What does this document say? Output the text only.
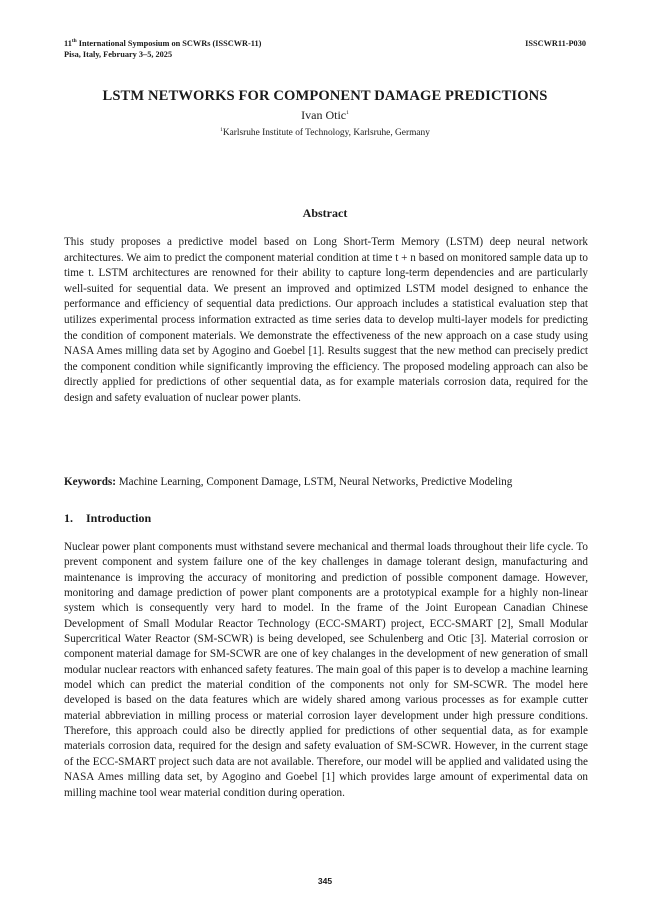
11th International Symposium on SCWRs (ISSCWR-11)
Pisa, Italy, February 3–5, 2025
ISSCWR11-P030
LSTM NETWORKS FOR COMPONENT DAMAGE PREDICTIONS
Ivan Otic$^1$
$^1$Karlsruhe Institute of Technology, Karlsruhe, Germany
Abstract

This study proposes a predictive model based on Long Short-Term Memory (LSTM) deep neural network architectures. We aim to predict the component material condition at time t + n based on monitored sample data up to time t. LSTM architectures are renowned for their ability to capture long-term dependencies and are particularly well-suited for sequential data. We present an improved and optimized LSTM model designed to enhance the performance and efficiency of sequential data predictions. Our approach includes a statistical evaluation step that utilizes experimental process information extracted as time series data to develop multi-layer models for predicting the condition of component materials. We demonstrate the effectiveness of the new approach on a case study using NASA Ames milling data set by Agogino and Goebel [1]. Results suggest that the new method can precisely predict the component condition while significantly improving the efficiency. The proposed modeling approach can also be directly applied for predictions of other sequential data, as for example materials corrosion data, required for the design and safety evaluation of nuclear power plants.

Keywords: Machine Learning, Component Damage, LSTM, Neural Networks, Predictive Modeling

1. Introduction

Nuclear power plant components must withstand severe mechanical and thermal loads throughout their life cycle. To prevent component and system failure one of the key challenges in damage tolerant design, manufacturing and maintenance is improving the accuracy of monitoring and prediction of possible component damage. However, monitoring and damage prediction of power plant components are a prototypical example for a highly non-linear system which is consequently very hard to model. In the frame of the Joint European Canadian Chinese Development of Small Modular Reactor Technology (ECC-SMART) project, ECC-SMART [2], Small Modular Supercritical Water Reactor (SM-SCWR) is being developed, see Schulenberg and Otic [3]. Material corrosion or component material damage for SM-SCWR are one of key chalanges in the development of new generation of small modular nuclear reactors with enhanced safety features. The main goal of this paper is to develop a machine learning model which can predict the material condition of the components not only for SM-SCWR. The model here developed is based on the data features which are widely shared among various processes as for example cutter material abbreviation in milling process or material corrosion layer development under high pressure conditions. Therefore, this approach could also be directly applied for predictions of other sequential data, as for example materials corrosion data, required for the design and safety evaluation of SM-SCWR. However, in the current stage of the ECC-SMART project such data are not available. Therefore, our model will be applied and validated using the NASA Ames milling data set, by Agogino and Goebel [1] which provides large amount of experimental data on milling machine tool wear material condition during operation.

345
